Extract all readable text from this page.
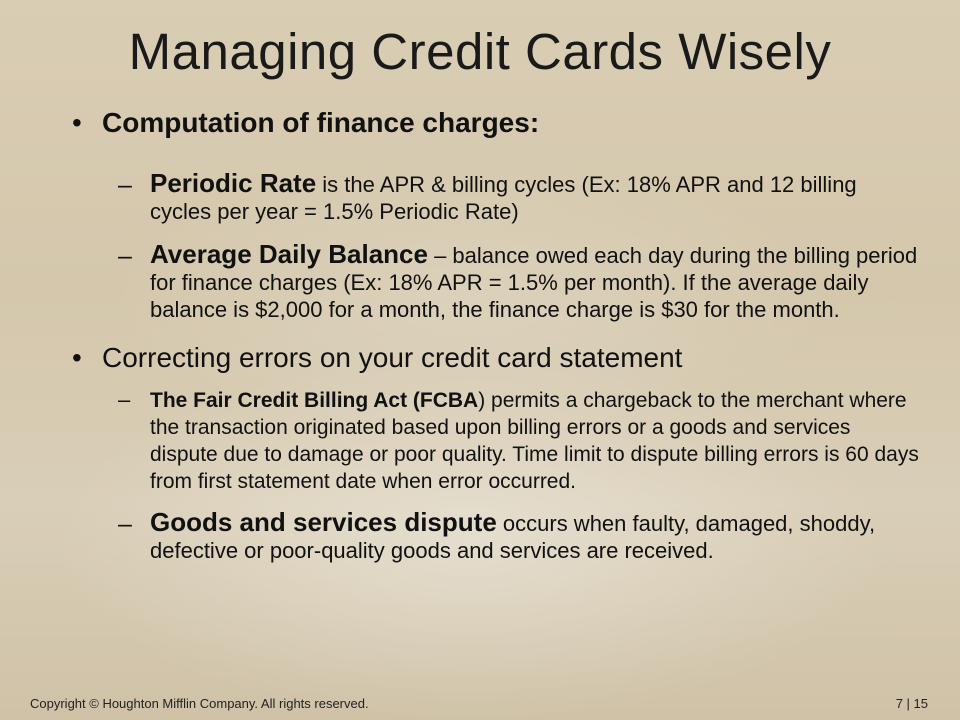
Managing Credit Cards Wisely
• Computation of finance charges:
– Periodic Rate is the APR & billing cycles (Ex: 18% APR and 12 billing cycles per year = 1.5% Periodic Rate)
– Average Daily Balance – balance owed each day during the billing period for finance charges (Ex: 18% APR = 1.5% per month). If the average daily balance is $2,000 for a month, the finance charge is $30 for the month.
• Correcting errors on your credit card statement
– The Fair Credit Billing Act (FCBA) permits a chargeback to the merchant where the transaction originated based upon billing errors or a goods and services dispute due to damage or poor quality. Time limit to dispute billing errors is 60 days from first statement date when error occurred.
– Goods and services dispute occurs when faulty, damaged, shoddy, defective or poor-quality goods and services are received.
Copyright © Houghton Mifflin Company. All rights reserved.	7 | 15
